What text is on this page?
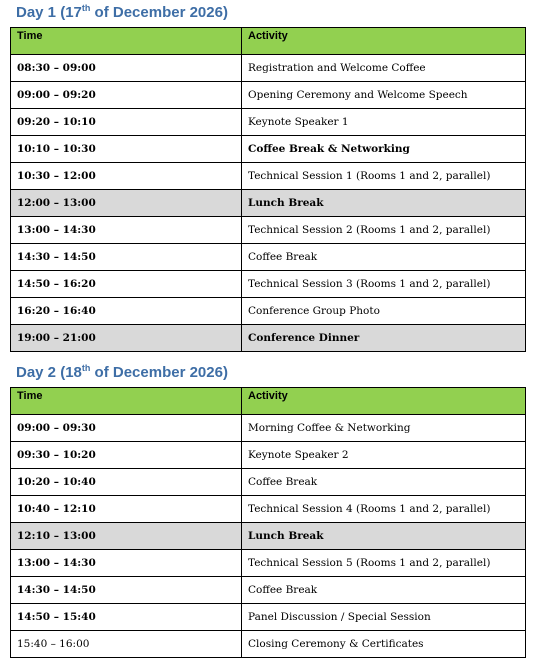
Day 1 (17th of December 2026)
Time	Activity
08:30 – 09:00	Registration and Welcome Coffee
09:00 – 09:20	Opening Ceremony and Welcome Speech
09:20 – 10:10	Keynote Speaker 1
10:10 – 10:30	Coffee Break & Networking
10:30 – 12:00	Technical Session 1 (Rooms 1 and 2, parallel)
12:00 – 13:00	Lunch Break
13:00 – 14:30	Technical Session 2 (Rooms 1 and 2, parallel)
14:30 – 14:50	Coffee Break
14:50 – 16:20	Technical Session 3 (Rooms 1 and 2, parallel)
16:20 – 16:40	Conference Group Photo
19:00 – 21:00	Conference Dinner
Day 2 (18th of December 2026)
Time	Activity
09:00 – 09:30	Morning Coffee & Networking
09:30 – 10:20	Keynote Speaker 2
10:20 – 10:40	Coffee Break
10:40 – 12:10	Technical Session 4 (Rooms 1 and 2, parallel)
12:10 – 13:00	Lunch Break
13:00 – 14:30	Technical Session 5 (Rooms 1 and 2, parallel)
14:30 – 14:50	Coffee Break
14:50 – 15:40	Panel Discussion / Special Session
15:40 – 16:00	Closing Ceremony & Certificates
